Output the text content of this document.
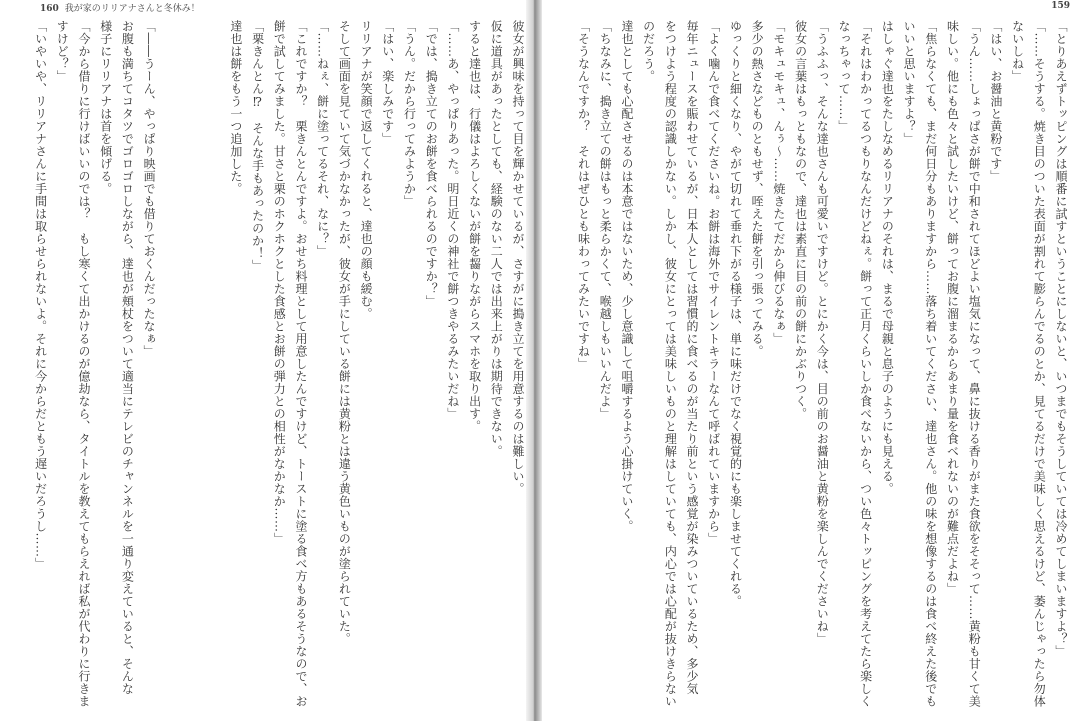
160 我が家のリリアナさんと冬休み！	159
彼女が興味を持って目を輝かせているが、さすがに搗き立てを用意するのは難しい。
仮に道具があったとしても、経験のない二人では出来上がりは期待できない。
すると達也は、行儀はよろしくないが餅を齧りながらスマホを取り出す。
「……あ、やっぱりあった。明日近くの神社で餅つきやるみたいだね」
「では、搗き立てのお餅を食べられるのですか？」
「うん。だから行ってみようか」
「はい、楽しみです」
リリアナが笑顔で返してくれると、達也の顔も緩む。
そして画面を見ていて気づかなかったが、彼女が手にしている餅には黄粉とは違う黄色いものが塗られていた。
「……ねぇ、餅に塗ってるそれ、なに？」
「これですか？　栗きんとんですよ。おせち料理として用意したんですけど、トーストに塗る食べ方もあるそうなので、お
餅で試してみました。甘さと栗のホクホクとした食感とお餅の弾力との相性がなかなか……」
「栗きんとん⁉　そんな手もあったのか！」
達也は餅をもう一つ追加した。
「――うーん、やっぱり映画でも借りておくんだったなぁ」
お腹も満ちてコタツでゴロゴロしながら、達也が頬杖をついて適当にテレビのチャンネルを一通り変えていると、そんな
様子にリリアナは首を傾げる。
「今から借りに行けばいいのでは？　もし寒くて出かけるのが億劫なら、タイトルを教えてもらえれば私が代わりに行きま
すけど？」
「いやいや、リリアナさんに手間は取らせられないよ。それに今からだともう遅いだろうし……」	「とりあえずトッピングは順番に試すということにしないと、いつまでもそうしていては冷めてしまいますよ？」
「……そうする。焼き目のついた表面が割れて膨らんでるのとか、見てるだけで美味しく思えるけど、萎んじゃったら勿体
ないしね」
「はい、お醤油と黄粉です」
「うん……しょっぱさが餅で中和されてほどよい塩気になって、鼻に抜ける香りがまた食欲をそそって……黄粉も甘くて美
味しい。他にも色々と試したいけど、餅ってお腹に溜まるからあまり量を食べれないのが難点だよね」
「焦らなくても、まだ何日分もありますから……落ち着いてください、達也さん。他の味を想像するのは食べ終えた後でも
いいと思いますよ？」
はしゃぐ達也をたしなめるリリアナのそれは、まるで母親と息子のようにも見える。
「それはわかってるつもりなんだけどねぇ。餅って正月くらいしか食べないから、つい色々トッピングを考えてたら楽しく
なっちゃって……」
「うふふっ、そんな達也さんも可愛いですけど。とにかく今は、目の前のお醤油と黄粉を楽しんでくださいね」
彼女の言葉はもっともなので、達也は素直に目の前の餅にかぶりつく。
「モキュモキュ、んぅ～……焼きたてだから伸びるなぁ」
多少の熱さなどものともせず、咥えた餅を引っ張ってみる。
ゆっくりと細くなり、やがて切れて垂れ下がる様子は、単に味だけでなく視覚的にも楽しませてくれる。
「よく噛んで食べてくださいね。お餅は海外でサイレントキラーなんて呼ばれていますから」
毎年ニュースを賑わせているが、日本人としては習慣的に食べるのが当たり前という感覚が染みついているため、多少気
をつけよう程度の認識しかない。しかし、彼女にとっては美味しいものと理解はしていても、内心では心配が抜けきらない
のだろう。
達也としても心配させるのは本意ではないため、少し意識して咀嚼するよう心掛けていく。
「ちなみに、搗き立ての餅はもっと柔らかくて、喉越しもいいんだよ」
「そうなんですか？　それはぜひとも味わってみたいですね」
